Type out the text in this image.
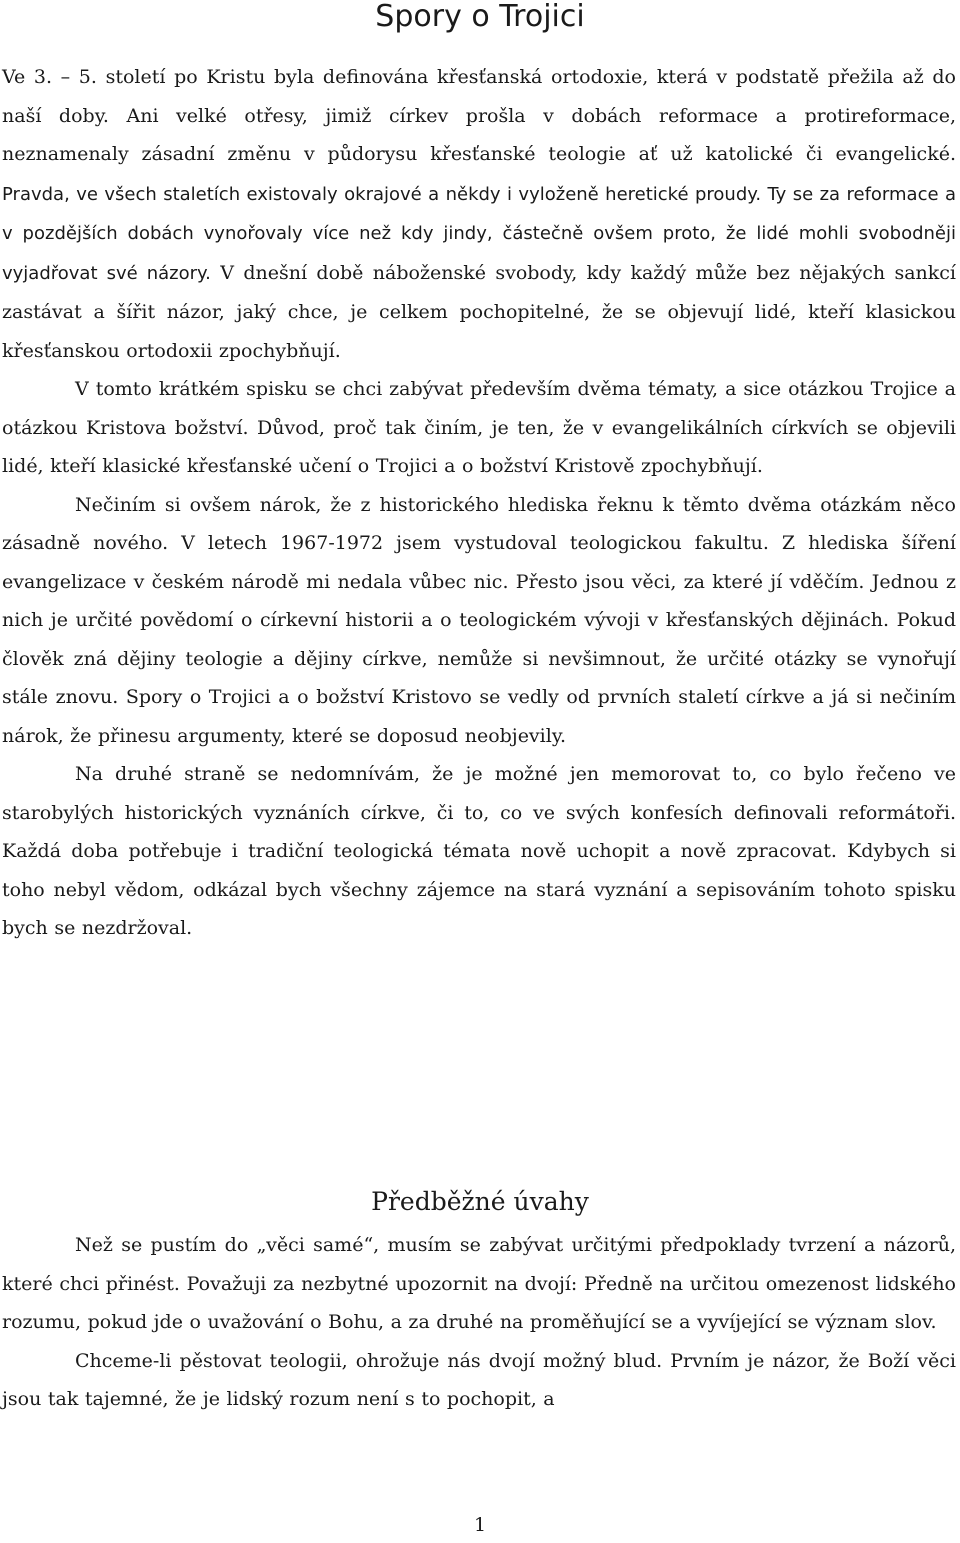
Spory o Trojici

Ve 3. – 5. století po Kristu byla definována křesťanská ortodoxie, která v podstatě přežila až do naší doby. Ani velké otřesy, jimiž církev prošla v dobách reformace a protireformace, neznamenaly zásadní změnu v půdorysu křesťanské teologie ať už katolické či evangelické. Pravda, ve všech staletích existovaly okrajové a někdy i vyloženě heretické proudy. Ty se za reformace a v pozdějších dobách vynořovaly více než kdy jindy, částečně ovšem proto, že lidé mohli svobodněji vyjadřovat své názory. V dnešní době náboženské svobody, kdy každý může bez nějakých sankcí zastávat a šířit názor, jaký chce, je celkem pochopitelné, že se objevují lidé, kteří klasickou křesťanskou ortodoxii zpochybňují.

V tomto krátkém spisku se chci zabývat především dvěma tématy, a sice otázkou Trojice a otázkou Kristova božství. Důvod, proč tak činím, je ten, že v evangelikálních církvích se objevili lidé, kteří klasické křesťanské učení o Trojici a o božství Kristově zpochybňují.

Nečiním si ovšem nárok, že z historického hlediska řeknu k těmto dvěma otázkám něco zásadně nového. V letech 1967-1972 jsem vystudoval teologickou fakultu. Z hlediska šíření evangelizace v českém národě mi nedala vůbec nic. Přesto jsou věci, za které jí vděčím. Jednou z nich je určité povědomí o církevní historii a o teologickém vývoji v křesťanských dějinách. Pokud člověk zná dějiny teologie a dějiny církve, nemůže si nevšimnout, že určité otázky se vynořují stále znovu. Spory o Trojici a o božství Kristovo se vedly od prvních staletí církve a já si nečiním nárok, že přinesu argumenty, které se doposud neobjevily.

Na druhé straně se nedomnívám, že je možné jen memorovat to, co bylo řečeno ve starobylých historických vyznáních církve, či to, co ve svých konfesích definovali reformátoři. Každá doba potřebuje i tradiční teologická témata nově uchopit a nově zpracovat. Kdybych si toho nebyl vědom, odkázal bych všechny zájemce na stará vyznání a sepisováním tohoto spisku bych se nezdržoval.

Předběžné úvahy

Než se pustím do „věci samé“, musím se zabývat určitými předpoklady tvrzení a názorů, které chci přinést. Považuji za nezbytné upozornit na dvojí: Předně na určitou omezenost lidského rozumu, pokud jde o uvažování o Bohu, a za druhé na proměňující se a vyvíjející se význam slov.

Chceme-li pěstovat teologii, ohrožuje nás dvojí možný blud. Prvním je názor, že Boží věci jsou tak tajemné, že je lidský rozum není s to pochopit, a

1
